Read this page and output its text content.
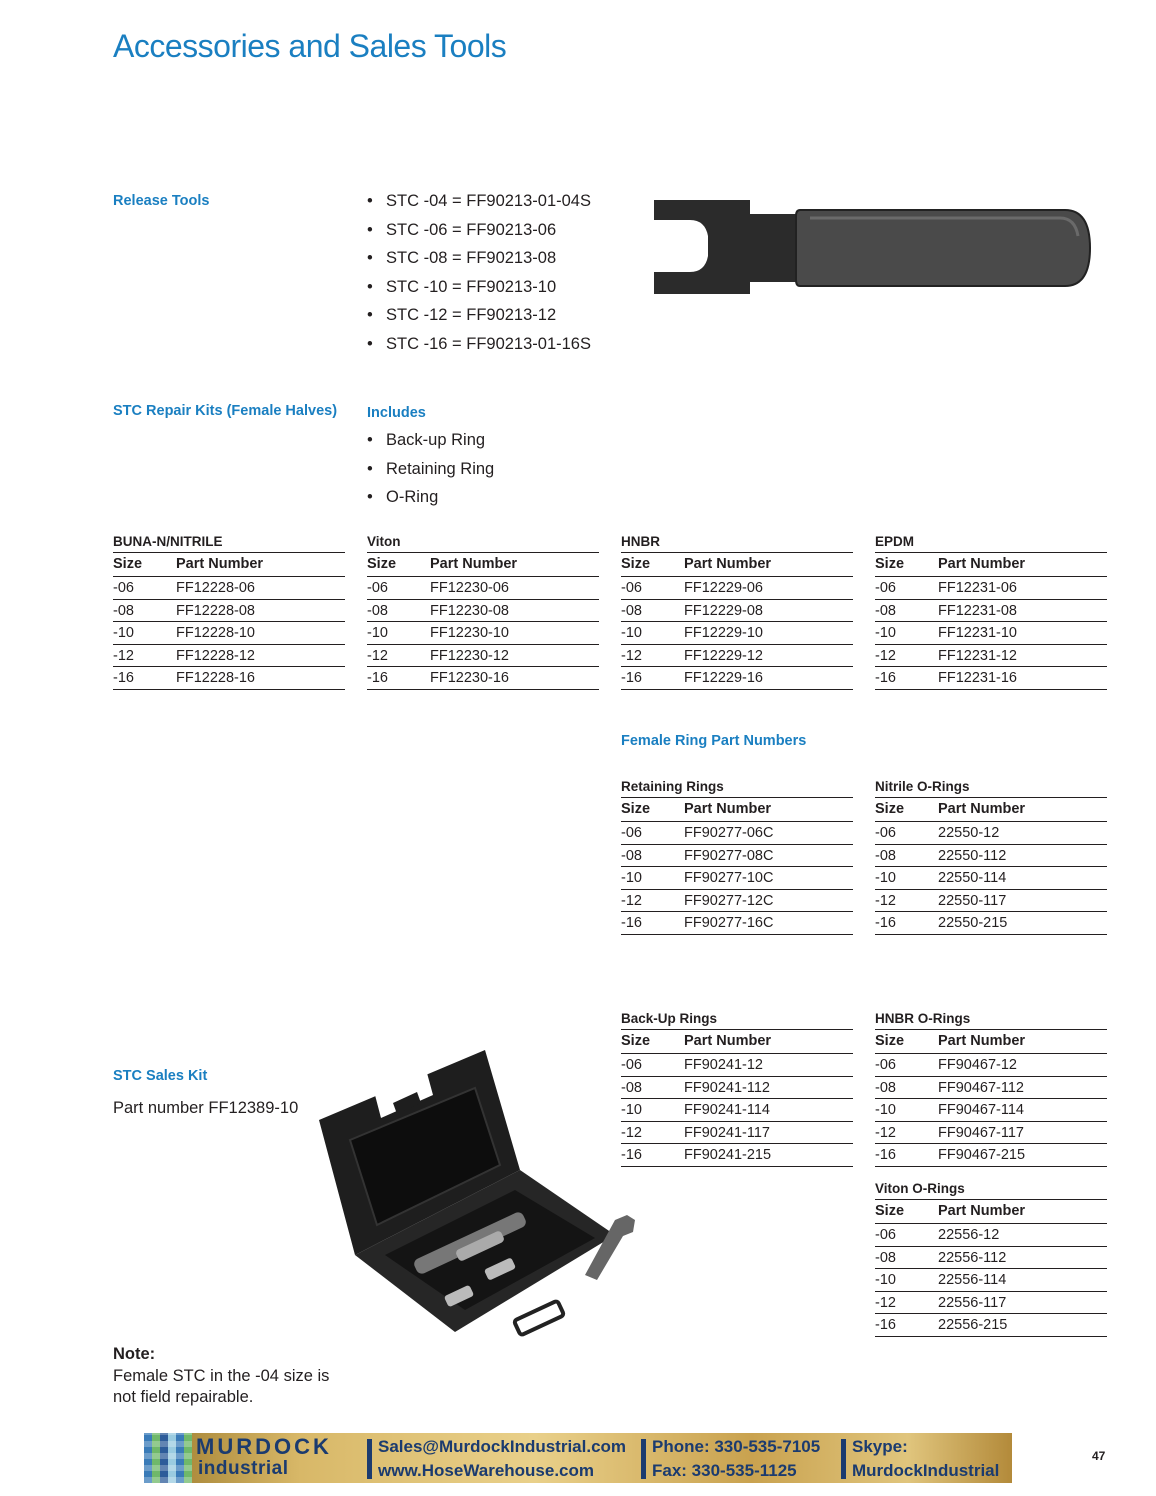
Accessories and Sales Tools
Release Tools
•	STC -04 = FF90213-01-04S
• STC -06 = FF90213-06
• STC -08 = FF90213-08
• STC -10 = FF90213-10
• STC -12 = FF90213-12
• STC -16 = FF90213-01-16S
STC Repair Kits (Female Halves) Includes
• Back-up Ring
• Retaining Ring
• O-Ring
BUNA-N/NITRILE
Size	Part Number
-06	FF12228-06
-08	FF12228-08
-10	FF12228-10
-12	FF12228-12
-16	FF12228-16
Viton
Size	Part Number
-06	FF12230-06
-08	FF12230-08
-10	FF12230-10
-12	FF12230-12
-16	FF12230-16
HNBR
Size	Part Number
-06	FF12229-06
-08	FF12229-08
-10	FF12229-10
-12	FF12229-12
-16	FF12229-16
EPDM
Size	Part Number
-06	FF12231-06
-08	FF12231-08
-10	FF12231-10
-12	FF12231-12
-16	FF12231-16
Female Ring Part Numbers
Retaining Rings
Size	Part Number
-06	FF90277-06C
-08	FF90277-08C
-10	FF90277-10C
-12	FF90277-12C
-16	FF90277-16C
Nitrile O-Rings
Size	Part Number
-06	22550-12
-08	22550-112
-10	22550-114
-12	22550-117
-16	22550-215
Back-Up Rings
Size	Part Number
-06	FF90241-12
-08	FF90241-112
-10	FF90241-114
-12	FF90241-117
-16	FF90241-215
HNBR O-Rings
Size	Part Number
-06	FF90467-12
-08	FF90467-112
-10	FF90467-114
-12	FF90467-117
-16	FF90467-215
Viton O-Rings
Size	Part Number
-06	22556-12
-08	22556-112
-10	22556-114
-12	22556-117
-16	22556-215
STC Sales Kit
Part number FF12389-10
Note:
Female STC in the -04 size is
not field repairable.
MURDOCK
industrial
Sales@MurdockIndustrial.com
www.HoseWarehouse.com
Phone: 330-535-7105
Fax: 330-535-1125
Skype:
MurdockIndustrial
47
